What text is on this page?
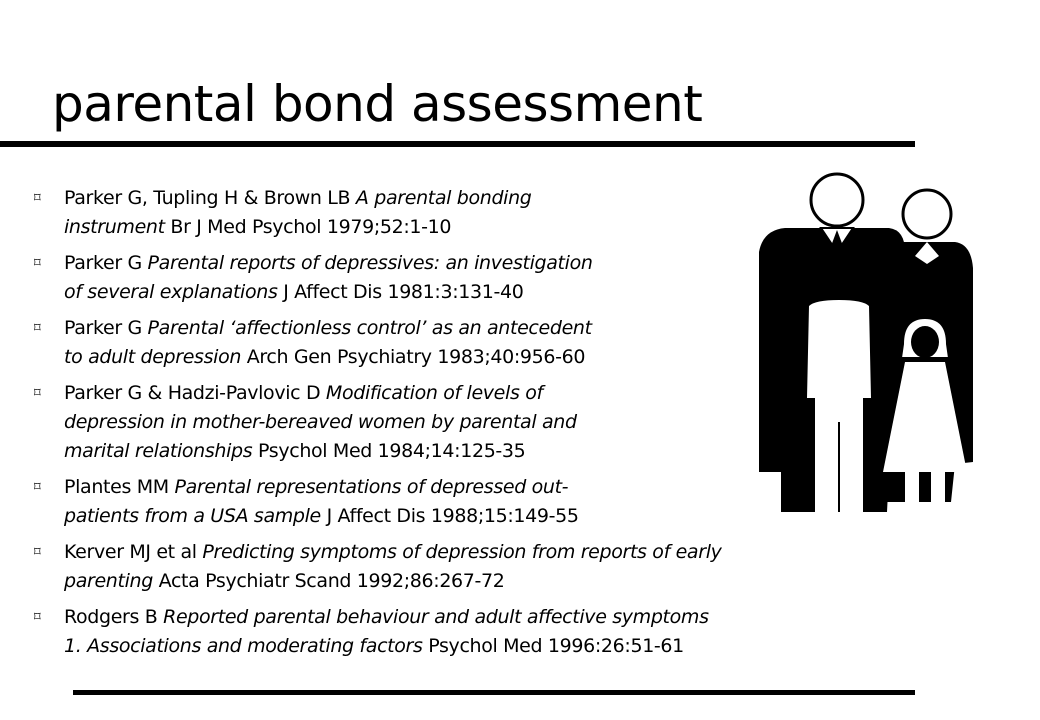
parental bond assessment
⌑ Parker G, Tupling H & Brown LB A parental bonding
instrument Br J Med Psychol 1979;52:1-10
⌑ Parker G Parental reports of depressives: an investigation
of several explanations J Affect Dis 1981:3:131-40
⌑ Parker G Parental ‘affectionless control’ as an antecedent
to adult depression Arch Gen Psychiatry 1983;40:956-60
⌑ Parker G & Hadzi-Pavlovic D Modification of levels of
depression in mother-bereaved women by parental and
marital relationships Psychol Med 1984;14:125-35
⌑ Plantes MM Parental representations of depressed out-
patients from a USA sample J Affect Dis 1988;15:149-55
⌑ Kerver MJ et al Predicting symptoms of depression from reports of early
parenting Acta Psychiatr Scand 1992;86:267-72
⌑ Rodgers B Reported parental behaviour and adult affective symptoms
1. Associations and moderating factors Psychol Med 1996:26:51-61
